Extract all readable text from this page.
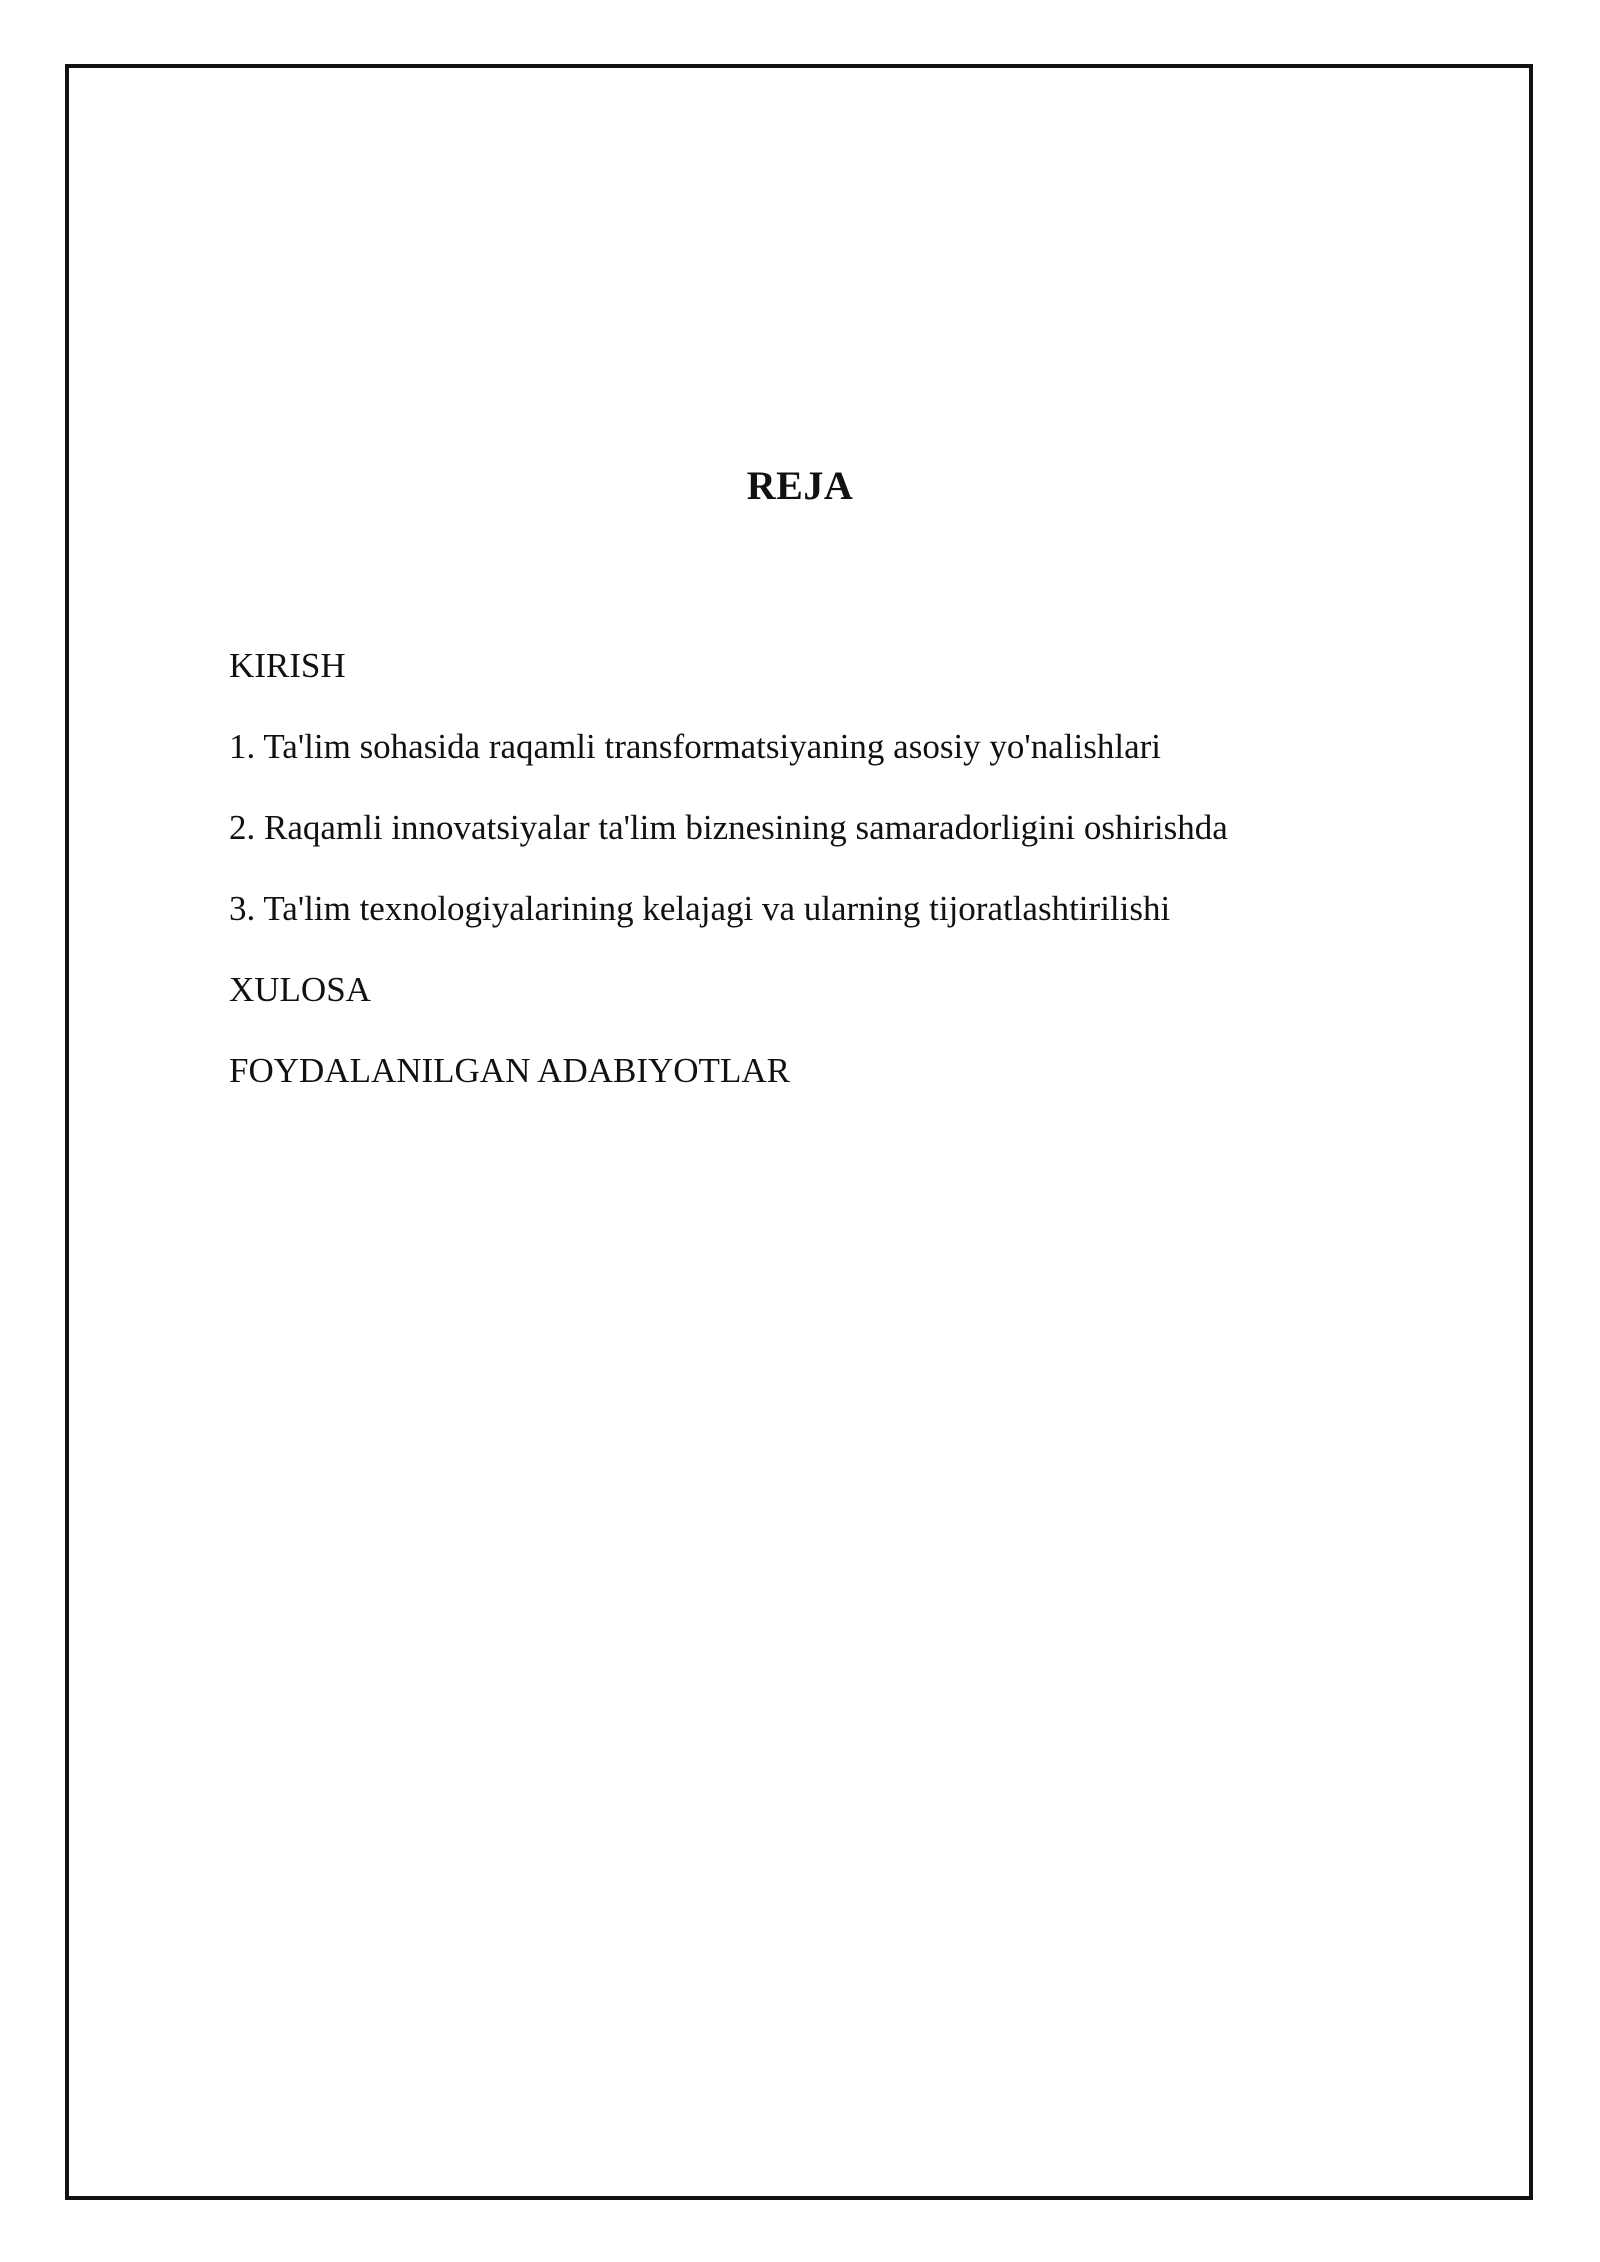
REJA
KIRISH
1. Ta'lim sohasida raqamli transformatsiyaning asosiy yo'nalishlari
2. Raqamli innovatsiyalar ta'lim biznesining samaradorligini oshirishda
3. Ta'lim texnologiyalarining kelajagi va ularning tijoratlashtirilishi
XULOSA
FOYDALANILGAN ADABIYOTLAR
